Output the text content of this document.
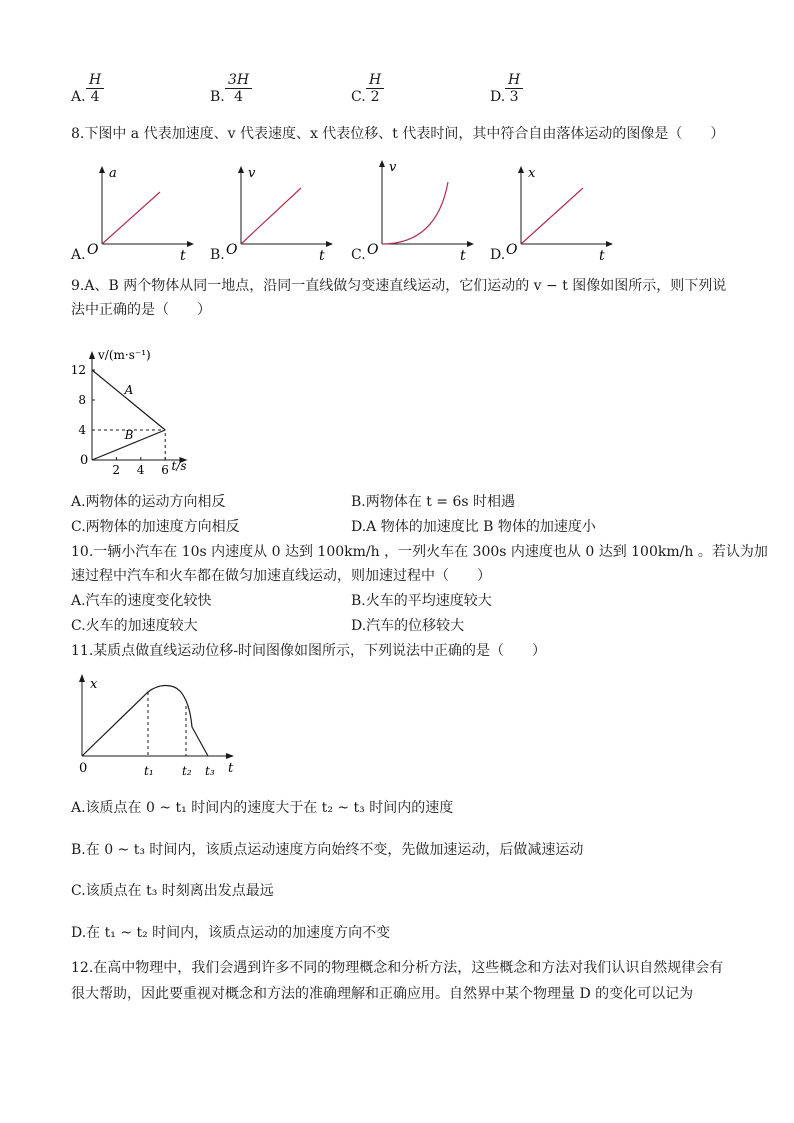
A. $\frac{H}{4}$	B. $\frac{3H}{4}$	C. $\frac{H}{2}$	D. $\frac{H}{3}$
8.下图中 a 代表加速度、v 代表速度、x 代表位移、t 代表时间，其中符合自由落体运动的图像是（　　）
A.
a
O	t B.
v
O	t C.
v
O	t D.
x
O	t
9.A、B 两个物体从同一地点，沿同一直线做匀变速直线运动，它们运动的 v − t 图像如图所示，则下列说
法中正确的是（　　）
A
B
2 4 6
12
8
4
v/(m·s⁻¹)
t/s
0
A.两物体的运动方向相反	B.两物体在 t = 6s 时相遇
C.两物体的加速度方向相反	D.A 物体的加速度比 B 物体的加速度小
10.一辆小汽车在 10s 内速度从 0 达到 100km/h ，一列火车在 300s 内速度也从 0 达到 100km/h 。若认为加
速过程中汽车和火车都在做匀加速直线运动，则加速过程中（　　）
A.汽车的速度变化较快	B.火车的平均速度较大
C.火车的加速度较大	D.汽车的位移较大
11.某质点做直线运动位移-时间图像如图所示，下列说法中正确的是（　　）
x
0	t₁ t₂ t₃ t
A.该质点在 0 ~ t₁ 时间内的速度大于在 t₂ ~ t₃ 时间内的速度
B.在 0 ~ t₃ 时间内，该质点运动速度方向始终不变，先做加速运动，后做减速运动
C.该质点在 t₃ 时刻离出发点最远
D.在 t₁ ~ t₂ 时间内，该质点运动的加速度方向不变
12.在高中物理中，我们会遇到许多不同的物理概念和分析方法，这些概念和方法对我们认识自然规律会有
很大帮助，因此要重视对概念和方法的准确理解和正确应用。自然界中某个物理量 D 的变化可以记为
